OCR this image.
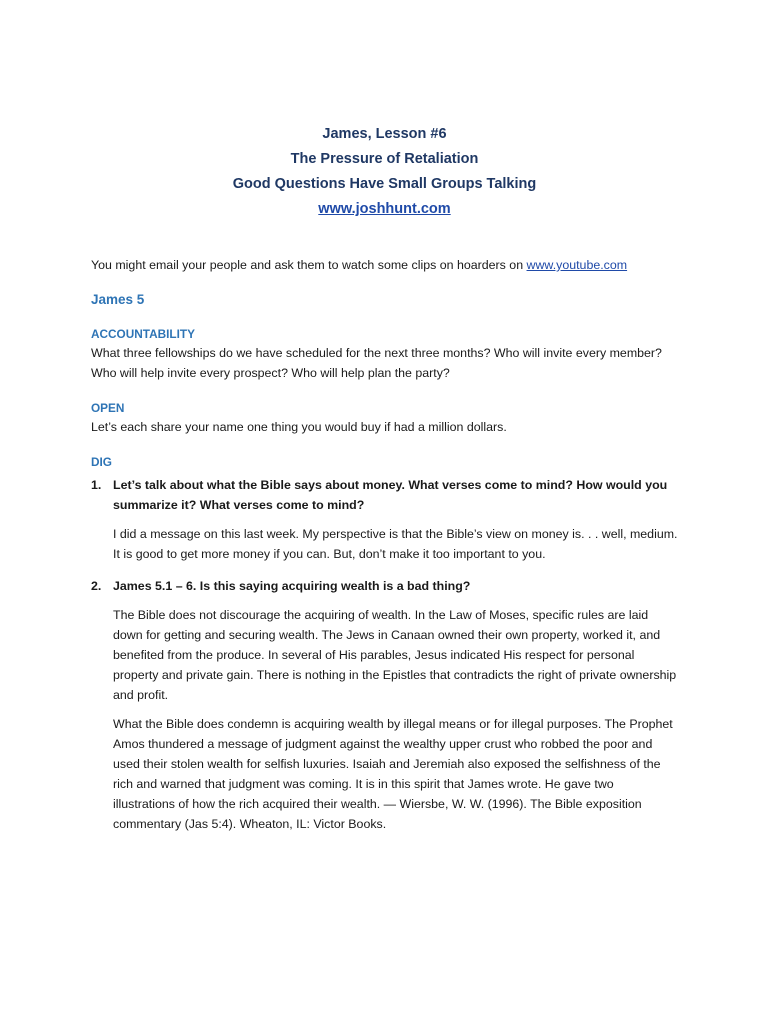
James, Lesson #6
The Pressure of Retaliation
Good Questions Have Small Groups Talking
www.joshhunt.com
You might email your people and ask them to watch some clips on hoarders on www.youtube.com
James 5
ACCOUNTABILITY
What three fellowships do we have scheduled for the next three months? Who will invite every member? Who will help invite every prospect? Who will help plan the party?
OPEN
Let’s each share your name one thing you would buy if had a million dollars.
DIG
1. Let’s talk about what the Bible says about money. What verses come to mind? How would you summarize it? What verses come to mind?
I did a message on this last week. My perspective is that the Bible’s view on money is. . . well, medium. It is good to get more money if you can. But, don’t make it too important to you.
2. James 5.1 – 6. Is this saying acquiring wealth is a bad thing?
The Bible does not discourage the acquiring of wealth. In the Law of Moses, specific rules are laid down for getting and securing wealth. The Jews in Canaan owned their own property, worked it, and benefited from the produce. In several of His parables, Jesus indicated His respect for personal property and private gain. There is nothing in the Epistles that contradicts the right of private ownership and profit.
What the Bible does condemn is acquiring wealth by illegal means or for illegal purposes. The Prophet Amos thundered a message of judgment against the wealthy upper crust who robbed the poor and used their stolen wealth for selfish luxuries. Isaiah and Jeremiah also exposed the selfishness of the rich and warned that judgment was coming. It is in this spirit that James wrote. He gave two illustrations of how the rich acquired their wealth. — Wiersbe, W. W. (1996). The Bible exposition commentary (Jas 5:4). Wheaton, IL: Victor Books.
